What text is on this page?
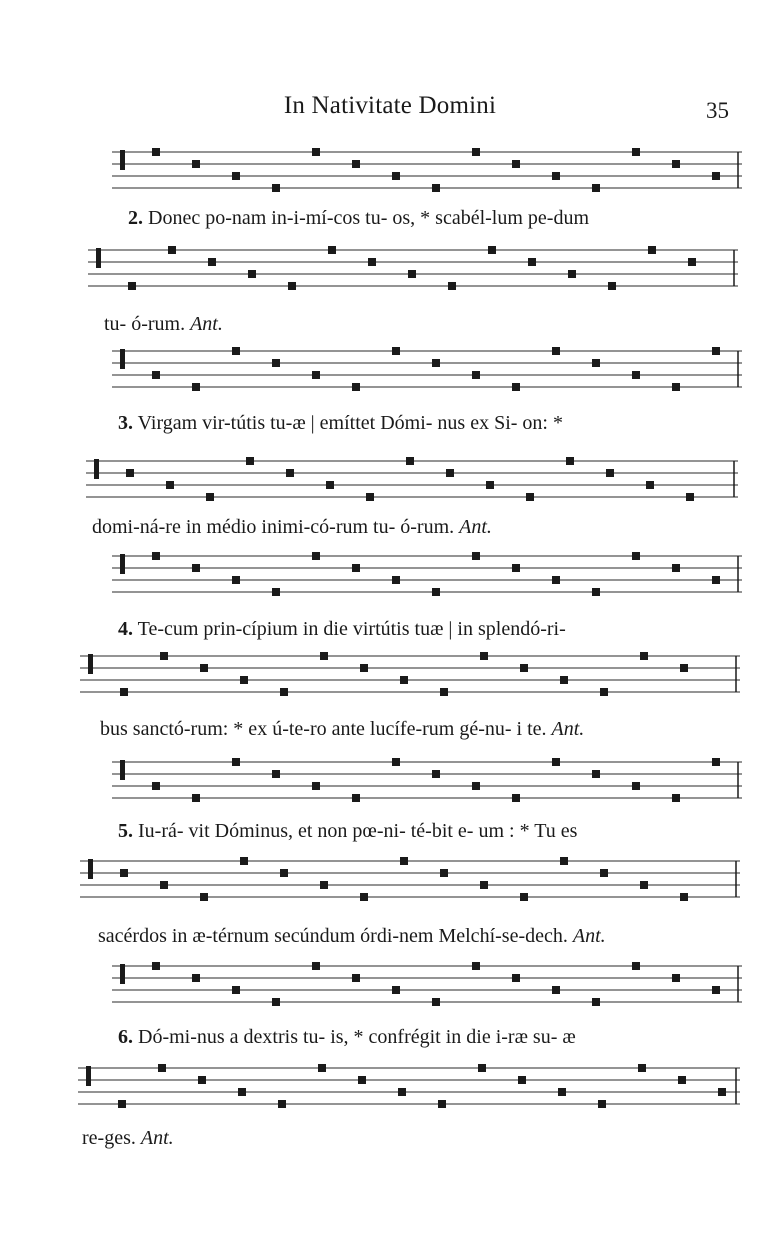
In Nativitate Domini	35
2. Donec po-nam in-i-mí-cos tu- os, * scabél-lum pe-dum
tu- ó-rum. Ant.
3. Virgam vir-tútis tu-æ | emíttet Dómi- nus ex Si- on: *
domi-ná-re in médio inimi-có-rum tu- ó-rum. Ant.
4. Te-cum prin-cípium in die virtútis tuæ | in splendó-ri-
bus sanctó-rum: * ex ú-te-ro ante lucífe-rum gé-nu- i te. Ant.
5. Iu-rá- vit Dóminus, et non pœ-ni- té-bit e- um : * Tu es
sacérdos in æ-térnum secúndum órdi-nem Melchí-se-dech. Ant.
6. Dó-mi-nus a dextris tu- is, * confrégit in die i-ræ su- æ
re-ges. Ant.
